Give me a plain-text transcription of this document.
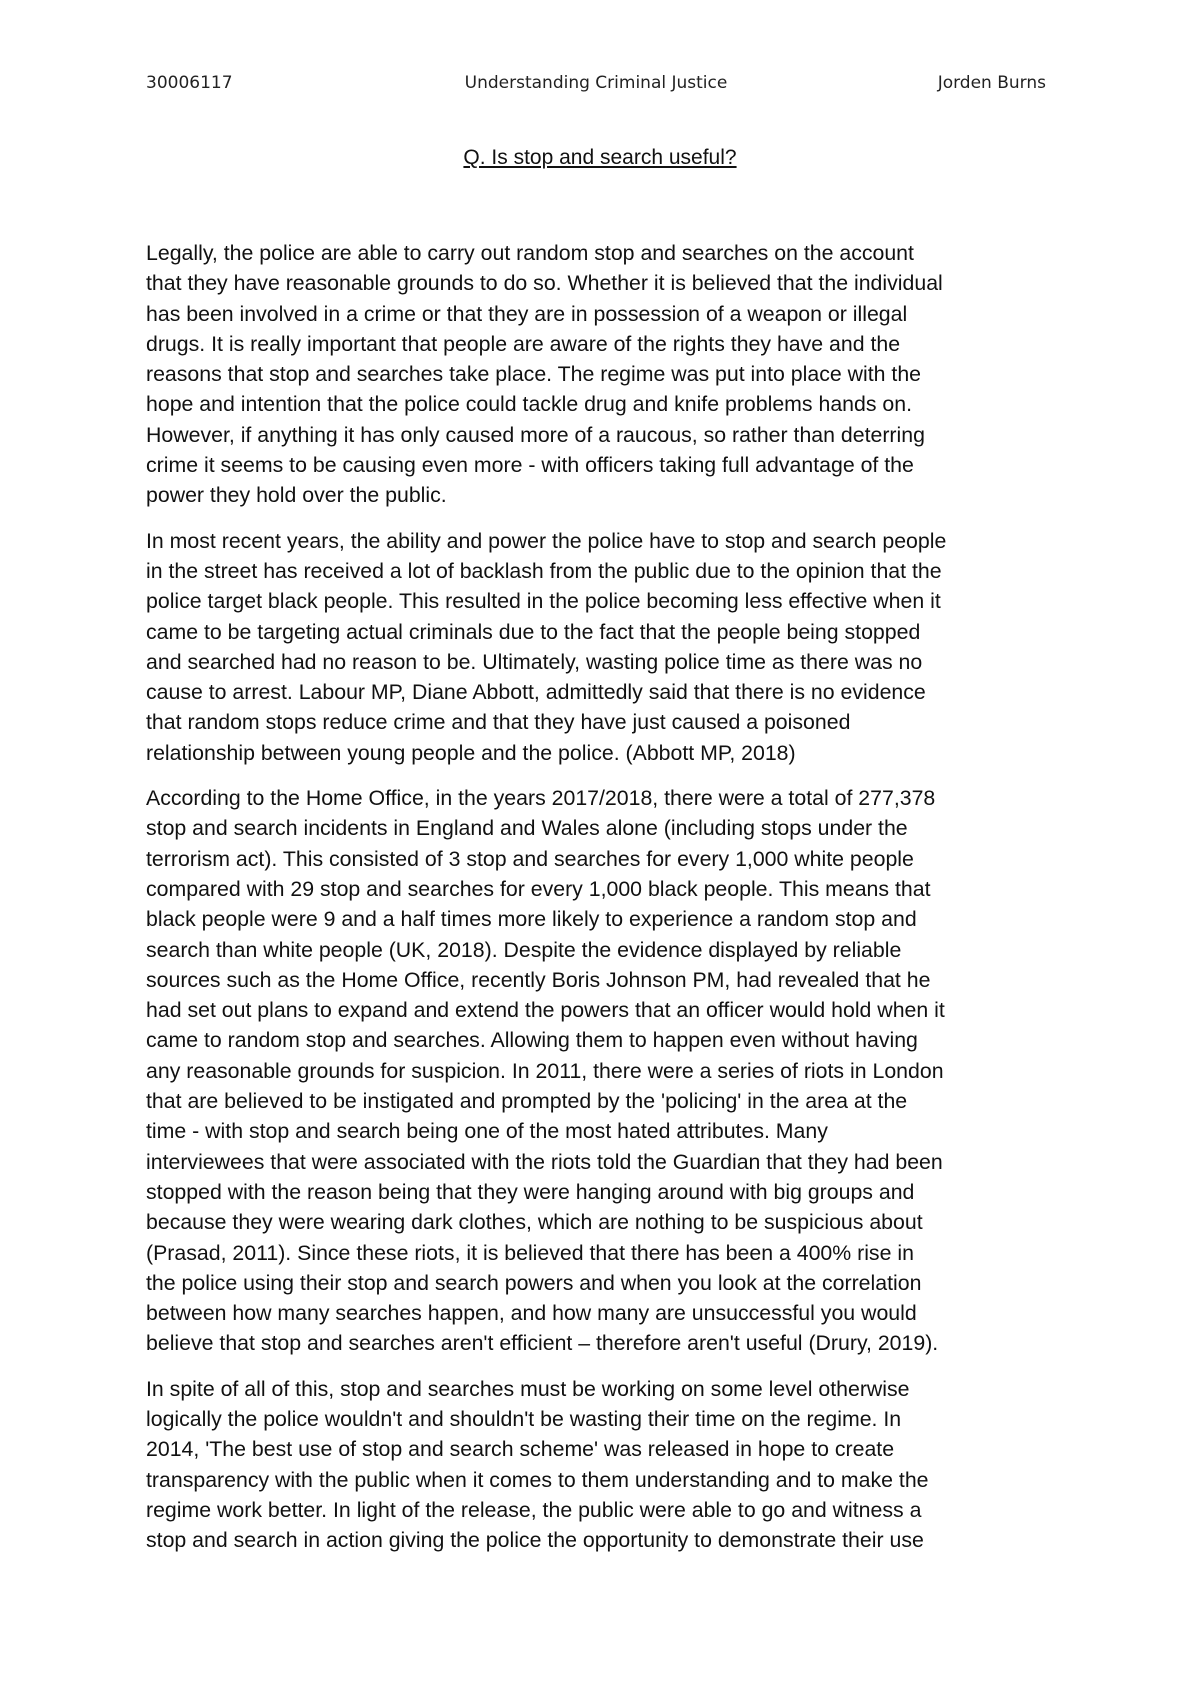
30006117	Understanding Criminal Justice	Jorden Burns
Q. Is stop and search useful?

Legally, the police are able to carry out random stop and searches on the account
that they have reasonable grounds to do so. Whether it is believed that the individual
has been involved in a crime or that they are in possession of a weapon or illegal
drugs. It is really important that people are aware of the rights they have and the
reasons that stop and searches take place. The regime was put into place with the
hope and intention that the police could tackle drug and knife problems hands on.
However, if anything it has only caused more of a raucous, so rather than deterring
crime it seems to be causing even more - with officers taking full advantage of the
power they hold over the public.

In most recent years, the ability and power the police have to stop and search people
in the street has received a lot of backlash from the public due to the opinion that the
police target black people. This resulted in the police becoming less effective when it
came to be targeting actual criminals due to the fact that the people being stopped
and searched had no reason to be. Ultimately, wasting police time as there was no
cause to arrest. Labour MP, Diane Abbott, admittedly said that there is no evidence
that random stops reduce crime and that they have just caused a poisoned
relationship between young people and the police. (Abbott MP, 2018)

According to the Home Office, in the years 2017/2018, there were a total of 277,378
stop and search incidents in England and Wales alone (including stops under the
terrorism act). This consisted of 3 stop and searches for every 1,000 white people
compared with 29 stop and searches for every 1,000 black people. This means that
black people were 9 and a half times more likely to experience a random stop and
search than white people (UK, 2018). Despite the evidence displayed by reliable
sources such as the Home Office, recently Boris Johnson PM, had revealed that he
had set out plans to expand and extend the powers that an officer would hold when it
came to random stop and searches. Allowing them to happen even without having
any reasonable grounds for suspicion. In 2011, there were a series of riots in London
that are believed to be instigated and prompted by the 'policing' in the area at the
time - with stop and search being one of the most hated attributes. Many
interviewees that were associated with the riots told the Guardian that they had been
stopped with the reason being that they were hanging around with big groups and
because they were wearing dark clothes, which are nothing to be suspicious about
(Prasad, 2011). Since these riots, it is believed that there has been a 400% rise in
the police using their stop and search powers and when you look at the correlation
between how many searches happen, and how many are unsuccessful you would
believe that stop and searches aren't efficient – therefore aren't useful (Drury, 2019).

In spite of all of this, stop and searches must be working on some level otherwise
logically the police wouldn't and shouldn't be wasting their time on the regime. In
2014, 'The best use of stop and search scheme' was released in hope to create
transparency with the public when it comes to them understanding and to make the
regime work better. In light of the release, the public were able to go and witness a
stop and search in action giving the police the opportunity to demonstrate their use
